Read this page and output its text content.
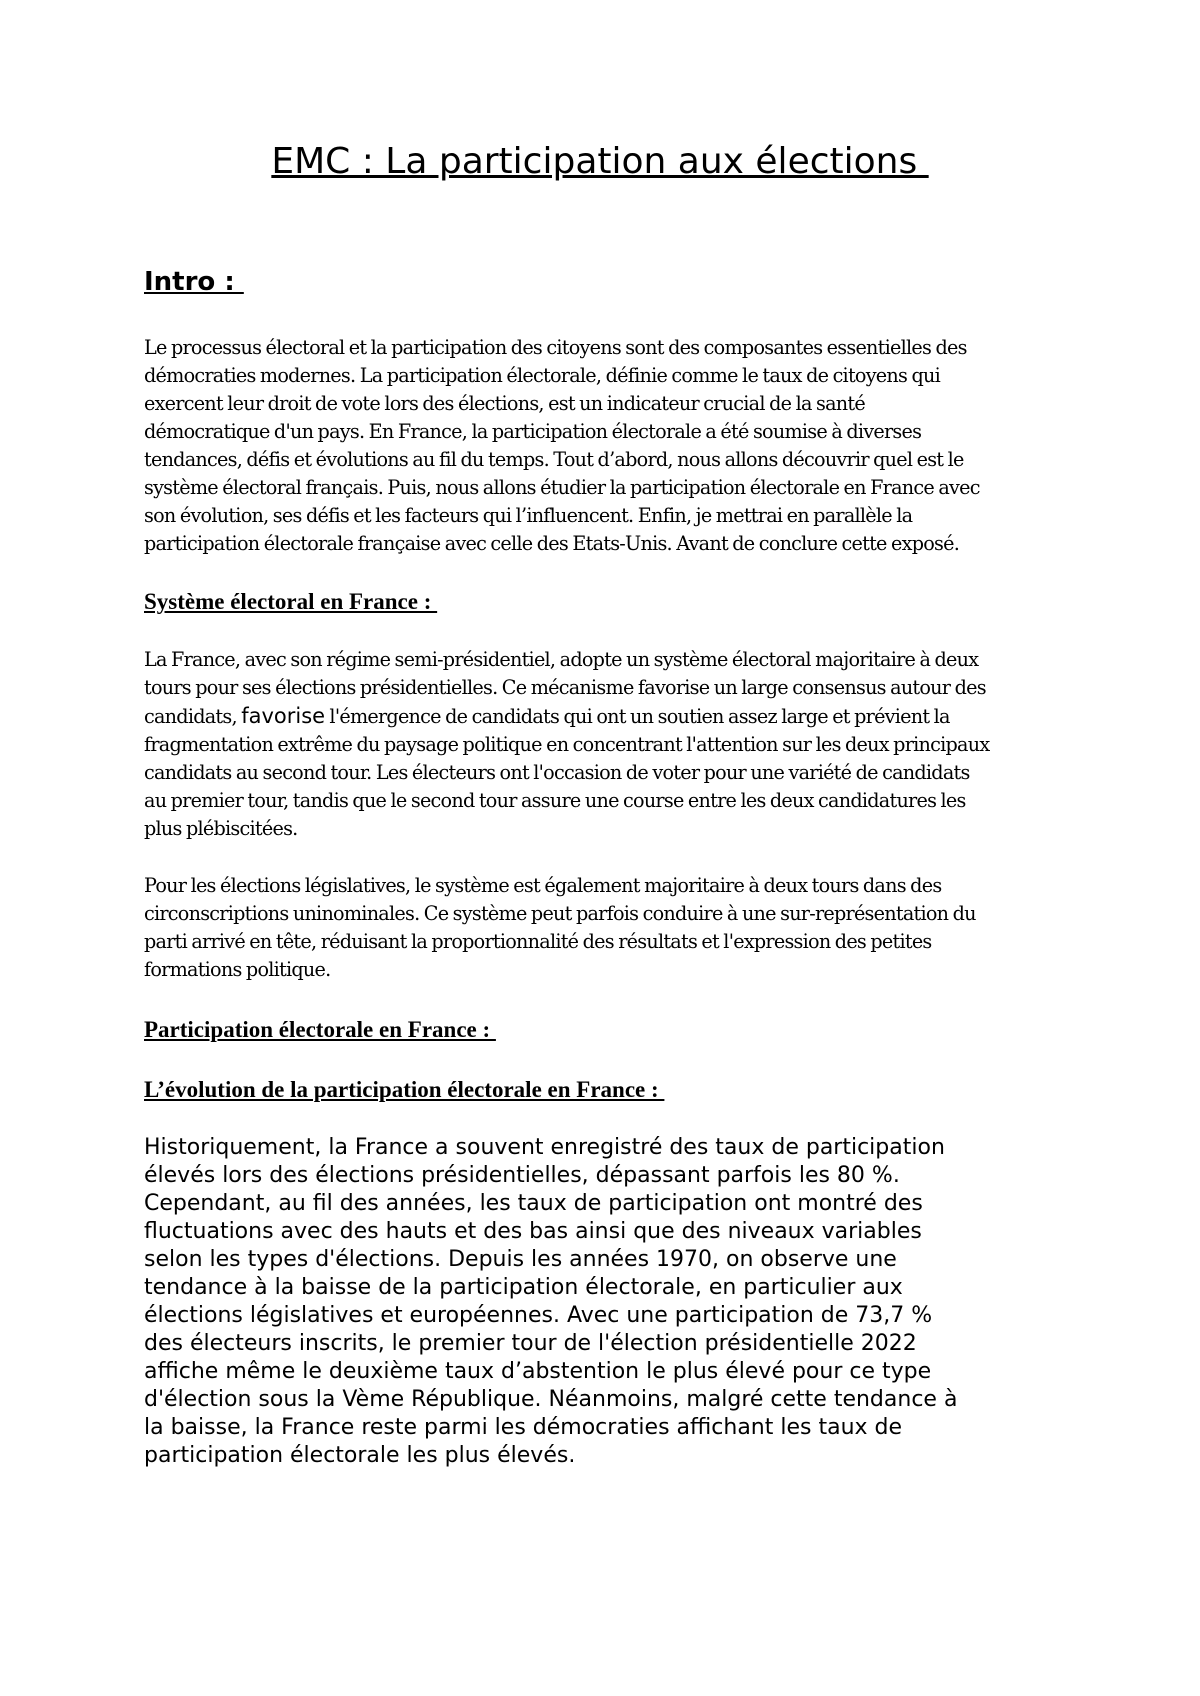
EMC : La participation aux élections
Intro :
Le processus électoral et la participation des citoyens sont des composantes essentielles des
démocraties modernes. La participation électorale, définie comme le taux de citoyens qui
exercent leur droit de vote lors des élections, est un indicateur crucial de la santé
démocratique d'un pays. En France, la participation électorale a été soumise à diverses
tendances, défis et évolutions au fil du temps. Tout d’abord, nous allons découvrir quel est le
système électoral français. Puis, nous allons étudier la participation électorale en France avec
son évolution, ses défis et les facteurs qui l’influencent. Enfin, je mettrai en parallèle la
participation électorale française avec celle des Etats-Unis. Avant de conclure cette exposé.
Système électoral en France :
La France, avec son régime semi-présidentiel, adopte un système électoral majoritaire à deux
tours pour ses élections présidentielles. Ce mécanisme favorise un large consensus autour des
candidats, favorise l'émergence de candidats qui ont un soutien assez large et prévient la
fragmentation extrême du paysage politique en concentrant l'attention sur les deux principaux
candidats au second tour. Les électeurs ont l'occasion de voter pour une variété de candidats
au premier tour, tandis que le second tour assure une course entre les deux candidatures les
plus plébiscitées.
Pour les élections législatives, le système est également majoritaire à deux tours dans des
circonscriptions uninominales. Ce système peut parfois conduire à une sur-représentation du
parti arrivé en tête, réduisant la proportionnalité des résultats et l'expression des petites
formations politique.
Participation électorale en France :
L’évolution de la participation électorale en France :
Historiquement, la France a souvent enregistré des taux de participation
élevés lors des élections présidentielles, dépassant parfois les 80 %.
Cependant, au fil des années, les taux de participation ont montré des
fluctuations avec des hauts et des bas ainsi que des niveaux variables
selon les types d'élections. Depuis les années 1970, on observe une
tendance à la baisse de la participation électorale, en particulier aux
élections législatives et européennes. Avec une participation de 73,7 %
des électeurs inscrits, le premier tour de l'élection présidentielle 2022
affiche même le deuxième taux d’abstention le plus élevé pour ce type
d'élection sous la Vème République. Néanmoins, malgré cette tendance à
la baisse, la France reste parmi les démocraties affichant les taux de
participation électorale les plus élevés.
